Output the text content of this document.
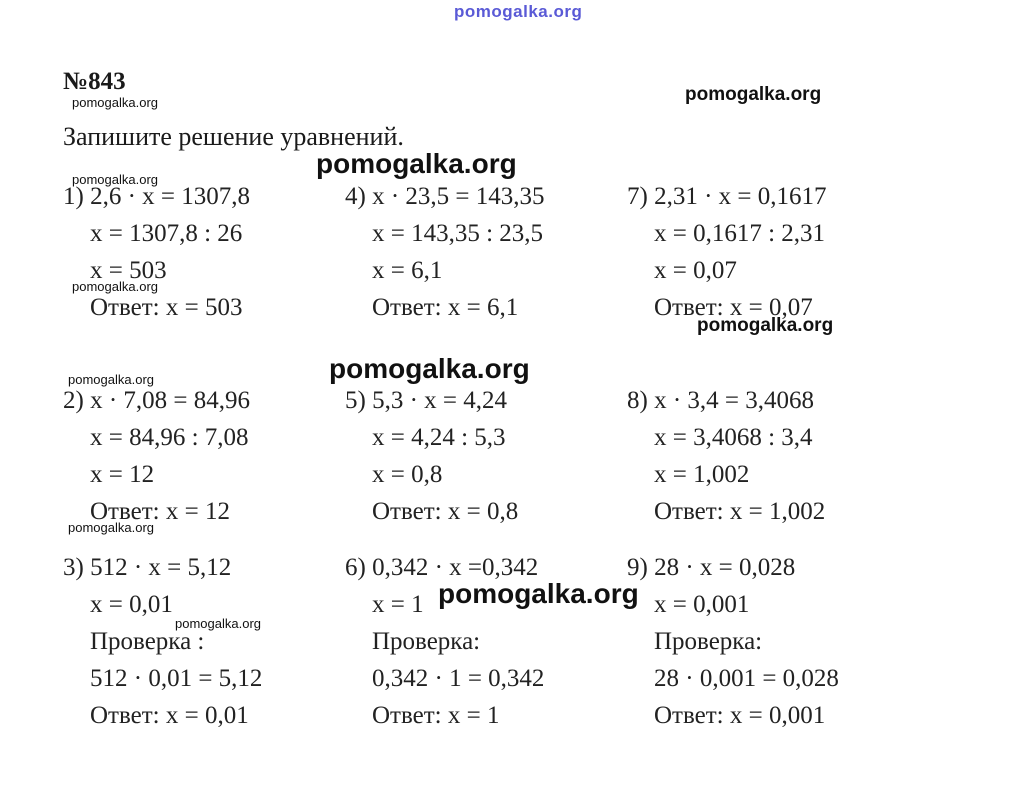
pomogalka.org
pomogalka.org	pomogalka.org
pomogalka.org
pomogalka.org
pomogalka.org
pomogalka.org
pomogalka.org
pomogalka.org
pomogalka.org
pomogalka.org
pomogalka.org
№843
Запишите решение уравнений.
1) 2,6 · x = 1307,8
x = 1307,8 : 26
x = 503
Ответ: x = 503
4) x · 23,5 = 143,35
x = 143,35 : 23,5
x = 6,1
Ответ: x = 6,1
7) 2,31 · x = 0,1617
x = 0,1617 : 2,31
x = 0,07
Ответ: x = 0,07
2) x · 7,08 = 84,96
x = 84,96 : 7,08
x = 12
Ответ: x = 12
5) 5,3 · x = 4,24
x = 4,24 : 5,3
x = 0,8
Ответ: x = 0,8
8) x · 3,4 = 3,4068
x = 3,4068 : 3,4
x = 1,002
Ответ: x = 1,002
3) 512 · x = 5,12
x = 0,01
Проверка :
512 · 0,01 = 5,12
Ответ: x = 0,01
6) 0,342 · x =0,342
x = 1
Проверка:
0,342 · 1 = 0,342
Ответ: x = 1
9) 28 · x = 0,028
x = 0,001
Проверка:
28 · 0,001 = 0,028
Ответ: x = 0,001
